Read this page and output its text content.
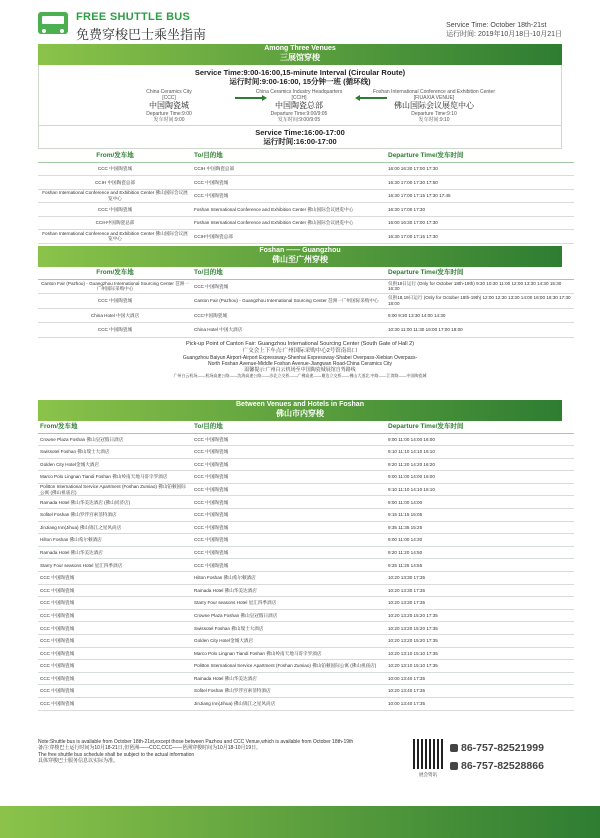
FREE SHUTTLE BUS
免费穿梭巴士乘坐指南
Service Time: October 18th-21st
运行时间: 2019年10月18日-10月21日
Among Three Venues
三展馆穿梭
Service Time:9:00-16:00,15-minute Interval (Circular Route)
运行时间:9:00-16:00, 15分钟一班 (循环线)
China Ceramics City
[CCC]
中国陶瓷城
Departure Time:9:00
发车时间:9:00
China Ceramics Industry Headquarters
[CCIH]
中国陶瓷总部
Departure Time:9:00/9:05
发车时间:9:00/9:05
Foshan International Conference and Exhibition Center
[FIUAXIA VENUE]
佛山国际会议展览中心
Departure Time:9:10
发车时间:9:10
Service Time:16:00-17:00
运行时间:16:00-17:00
From/发车地	To/目的地	Departure Time/发车时间
CCC 中国陶瓷城	CCIH 中国陶瓷总部	16:00 16:30 17:00 17:30
CCIH 中国陶瓷总部	CCC 中国陶瓷城	16:30 17:00 17:30 17:50
Foshan International Conference and Exhibition Center 佛山国际会议展览中心	CCC 中国陶瓷城	16:30 17:00 17:15 17:30 17:45
CCC 中国陶瓷城	Foshan International Conference and Exhibition Center 佛山国际会议展览中心	16:30 17:00 17:30
CCIH中国陶瓷总部	Foshan International Conference and Exhibition Center 佛山国际会议展览中心	16:00 16:30 17:00 17:30
Foshan International Conference and Exhibition Center 佛山国际会议展览中心	CCIH中国陶瓷总部	16:30 17:00 17:15 17:30
Foshan —— Guangzhou
佛山至广州穿梭
From/发车地	To/目的地	Departure Time/发车时间
Canton Fair (Pazhou) - Guangzhou International Sourcing Center 琶洲一广州国际采购中心	CCC 中国陶瓷城	仅供19日运行 (Only for October 18th-19th) 9:30 10:30 11:00 12:00 13:30 14:30 15:30 16:30
CCC 中国陶瓷城	Canton Fair (Pazhou) - Guangzhou International Sourcing Center 琶洲一广州国际采购中心	仅供18,19日运行 (Only for October 18th-19th) 12:00 12:30 13:30 14:00 16:00 16:30 17:30 18:00
China Hotel 中国大酒店	CCC中国陶瓷城	9:00 9:30 13:30 14:00 14:30
CCC 中国陶瓷城	China Hotel 中国大酒店	10:30 11:00 11:30 16:00 17:00 18:00
Pick-up Point of Canton Fair: Guangzhou International Sourcing Center (South Gate of Hall 2)
广交会上下车点:广州国际采购中心2号馆南出口
Guangzhou Baiyun Airport-Airport Expressway-Shenhai Expressway-Shabei Overpass-Xiebian Overpass-
North Foshan Avenue-Middle Foshan Avenue-Jiangwan Road-China Ceramics City
温馨提示:广州白云机场至中国陶瓷城展馆自驾路线
广州白云机场——机场高速公路——沈海高速公路——沙北立交桥——广佛高速——谢边立交桥——佛山大道北,中路——江湾路——中国陶瓷城
Between Venues and Hotels in Foshan
佛山市内穿梭
From/发车地	To/目的地	Departure Time/发车时间
Crowne Plaza Foshan 佛山皇冠假日酒店	CCC 中国陶瓷城	9:00 11:00 14:00 16:00
Swissotel Foshan 佛山瑞士大酒店	CCC 中国陶瓷城	9:10 11:10 14:10 16:10
Golden City Hotel金城大酒店	CCC 中国陶瓷城	9:20 11:20 14:20 16:20
Marco Polo Lingnan Tiandi Foshan 佛山岭南天地马哥孛罗酒店	CCC 中国陶瓷城	9:00 11:00 14:00 16:00
Politton International Service Apartment (Foshan Zumiao) 佛山铂顿国际公寓 (佛山祖庙店)	CCC 中国陶瓷城	9:10 11:10 14:10 16:10
Ramada Hotel 佛山华美达酒店 (佛山同济店)	CCC 中国陶瓷城	9:00 11:00 14:00
Sofitel Foshan 佛山罗浮宫索菲特酒店	CCC 中国陶瓷城	9:15 11:15 15:05
JinJiang Inn(Jihua) 佛山锦江之星风尚店	CCC 中国陶瓷城	9:35 11:35 15:25
Hilton Foshan 佛山希尔顿酒店	CCC 中国陶瓷城	9:00 11:00 14:30
Ramada Hotel 佛山华美达酒店	CCC 中国陶瓷城	9:20 11:20 14:50
Starry Four seasons Hotel 星汇四季酒店	CCC 中国陶瓷城	9:25 11:25 14:55
CCC 中国陶瓷城	Hilton Foshan 佛山希尔顿酒店	10:20 13:30 17:35
CCC 中国陶瓷城	Ramada Hotel 佛山华美达酒店	10:20 13:30 17:35
CCC 中国陶瓷城	Starry Four seasons Hotel 星汇四季酒店	10:20 13:30 17:35
CCC 中国陶瓷城	Crowne Plaza Foshan 佛山皇冠假日酒店	10:20 13:20 15:20 17:35
CCC 中国陶瓷城	Swissotel Foshan 佛山瑞士大酒店	10:20 13:20 15:20 17:35
CCC 中国陶瓷城	Golden City Hotel金城大酒店	10:20 13:20 15:20 17:35
CCC 中国陶瓷城	Marco Polo Lingnan Tiandi Foshan 佛山岭南天地马哥孛罗酒店	10:20 13:10 15:10 17:35
CCC 中国陶瓷城	Politton International Service Apartment (Foshan Zumiao) 佛山铂顿国际公寓 (佛山祖庙店)	10:20 13:10 15:10 17:35
CCC 中国陶瓷城	Ramada Hotel 佛山华美达酒店	10:00 13:40 17:35
CCC 中国陶瓷城	Sofitel Foshan 佛山罗浮宫索菲特酒店	10:20 13:40 17:35
CCC 中国陶瓷城	JinJiang Inn(Jihua) 佛山锦江之星风尚店	10:00 13:40 17:35
Note:Shuttle bus is available from October 18th-21st,except those between Pazhou and CCC Venue,which is available from October 18th-19th
备注:穿梭巴士运行时间为10月18-21日,但琶洲——CCC,CCC——琶洲穿梭时间为10月18-10月19日。
The free shuttle bus schedule shall be subject to the actual information
具体穿梭巴士服务信息以实际为准。
展会资讯
86-757-82521999
86-757-82528866
